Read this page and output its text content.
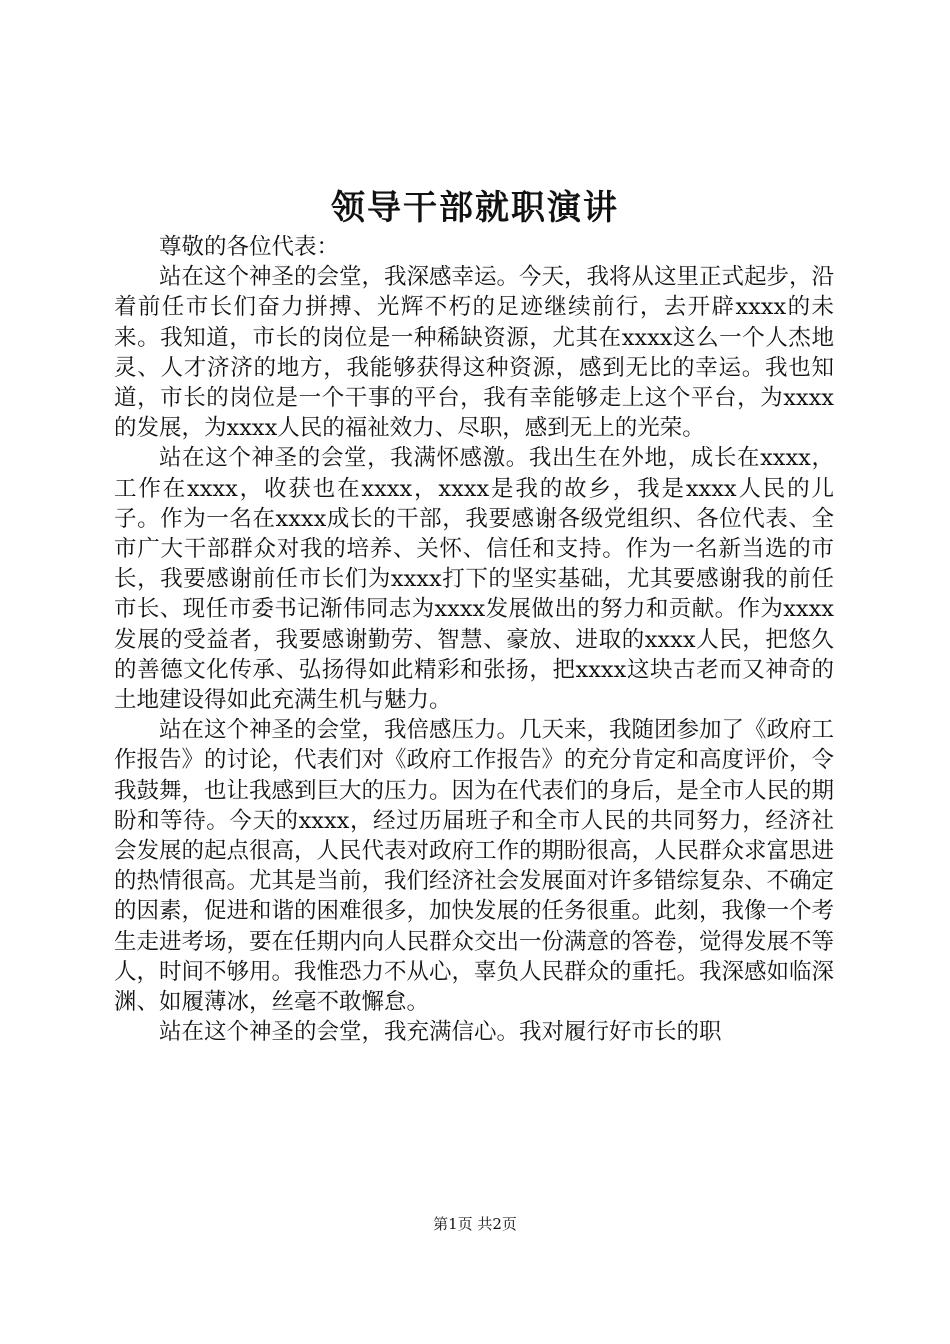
领导干部就职演讲

尊敬的各位代表：

站在这个神圣的会堂，我深感幸运。今天，我将从这里正式起步，沿着前任市长们奋力拼搏、光辉不朽的足迹继续前行，去开辟xxxx的未来。我知道，市长的岗位是一种稀缺资源，尤其在xxxx这么一个人杰地灵、人才济济的地方，我能够获得这种资源，感到无比的幸运。我也知道，市长的岗位是一个干事的平台，我有幸能够走上这个平台，为xxxx的发展，为xxxx人民的福祉效力、尽职，感到无上的光荣。

站在这个神圣的会堂，我满怀感激。我出生在外地，成长在xxxx，工作在xxxx，收获也在xxxx，xxxx是我的故乡，我是xxxx人民的儿子。作为一名在xxxx成长的干部，我要感谢各级党组织、各位代表、全市广大干部群众对我的培养、关怀、信任和支持。作为一名新当选的市长，我要感谢前任市长们为xxxx打下的坚实基础，尤其要感谢我的前任市长、现任市委书记渐伟同志为xxxx发展做出的努力和贡献。作为xxxx发展的受益者，我要感谢勤劳、智慧、豪放、进取的xxxx人民，把悠久的善德文化传承、弘扬得如此精彩和张扬，把xxxx这块古老而又神奇的土地建设得如此充满生机与魅力。

站在这个神圣的会堂，我倍感压力。几天来，我随团参加了《政府工作报告》的讨论，代表们对《政府工作报告》的充分肯定和高度评价，令我鼓舞，也让我感到巨大的压力。因为在代表们的身后，是全市人民的期盼和等待。今天的xxxx，经过历届班子和全市人民的共同努力，经济社会发展的起点很高，人民代表对政府工作的期盼很高，人民群众求富思进的热情很高。尤其是当前，我们经济社会发展面对许多错综复杂、不确定的因素，促进和谐的困难很多，加快发展的任务很重。此刻，我像一个考生走进考场，要在任期内向人民群众交出一份满意的答卷，觉得发展不等人，时间不够用。我惟恐力不从心，辜负人民群众的重托。我深感如临深渊、如履薄冰，丝毫不敢懈怠。

站在这个神圣的会堂，我充满信心。我对履行好市长的职

第1页 共2页
